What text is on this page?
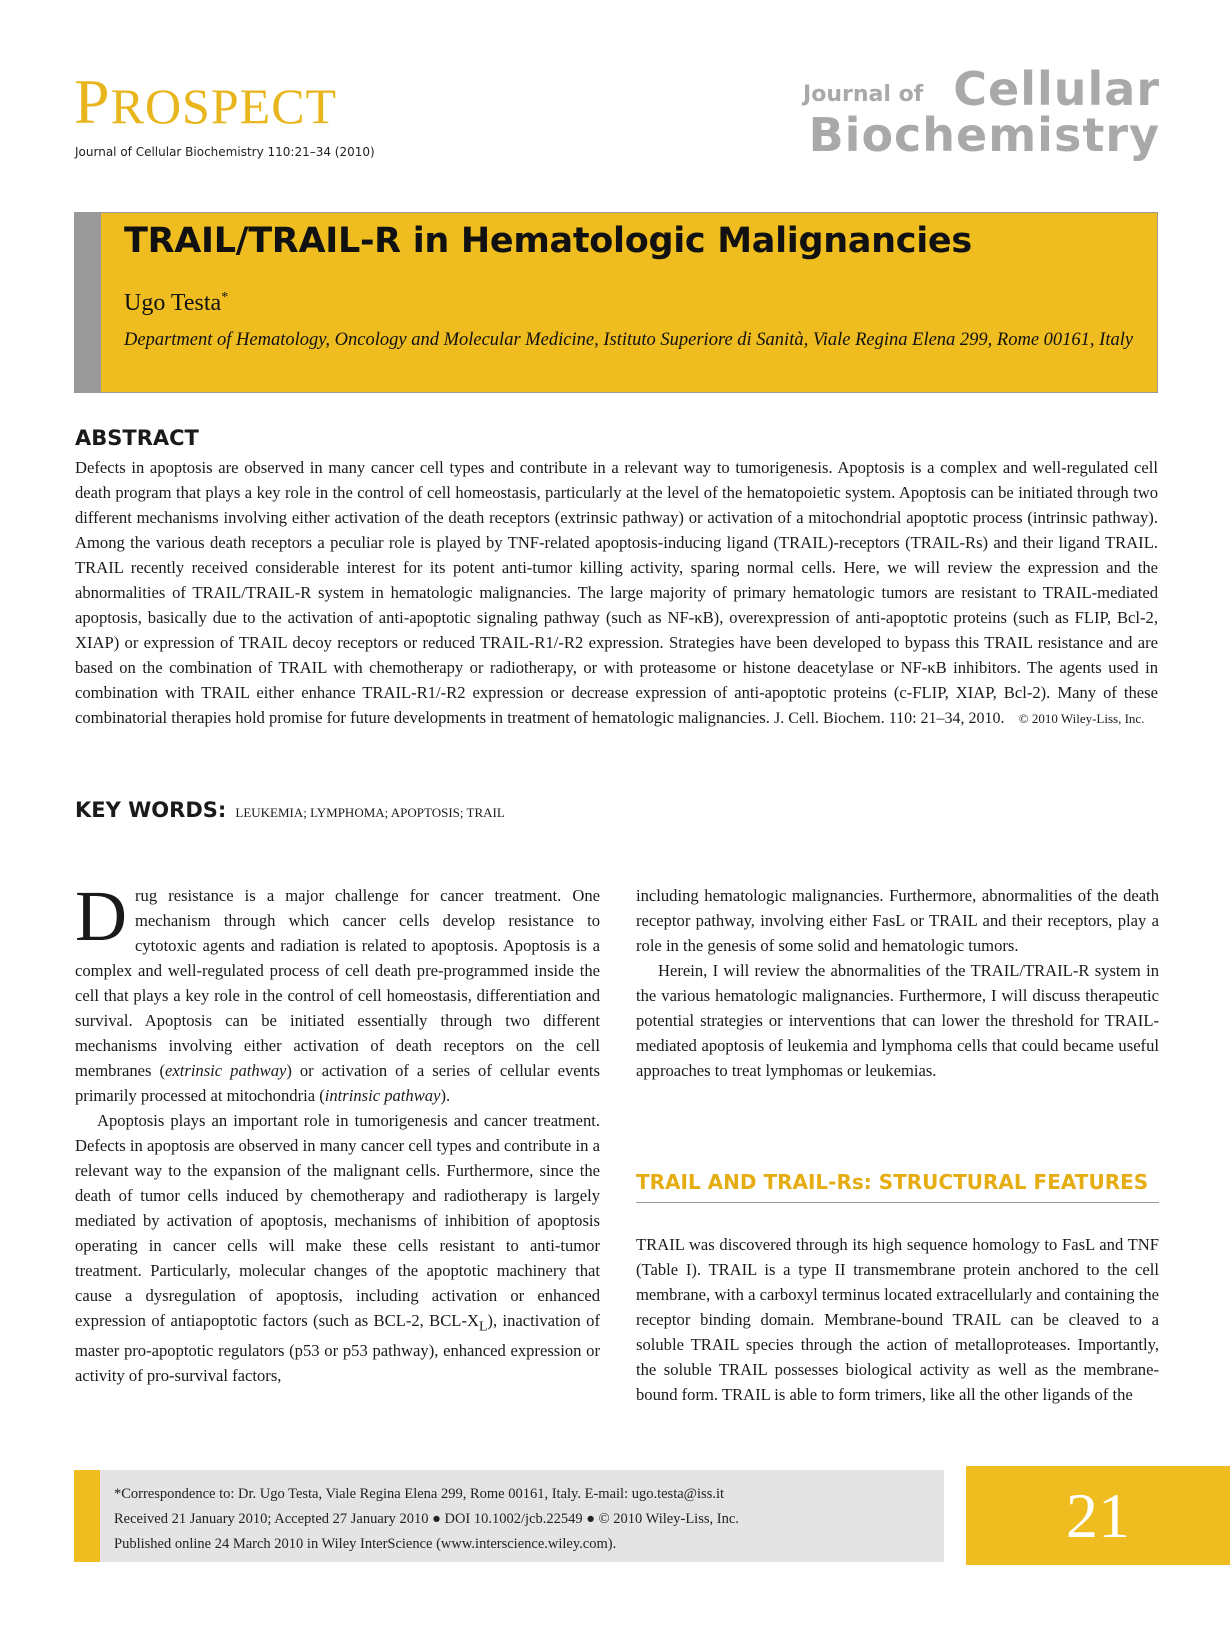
PROSPECT
Journal of Cellular Biochemistry 110:21–34 (2010)
Journal of Cellular
Biochemistry
TRAIL/TRAIL-R in Hematologic Malignancies
Ugo Testa*
Department of Hematology, Oncology and Molecular Medicine, Istituto Superiore di Sanità, Viale Regina Elena 299, Rome 00161, Italy
ABSTRACT
Defects in apoptosis are observed in many cancer cell types and contribute in a relevant way to tumorigenesis. Apoptosis is a complex and well-regulated cell death program that plays a key role in the control of cell homeostasis, particularly at the level of the hematopoietic system. Apoptosis can be initiated through two different mechanisms involving either activation of the death receptors (extrinsic pathway) or activation of a mitochondrial apoptotic process (intrinsic pathway). Among the various death receptors a peculiar role is played by TNF-related apoptosis-inducing ligand (TRAIL)-receptors (TRAIL-Rs) and their ligand TRAIL. TRAIL recently received considerable interest for its potent anti-tumor killing activity, sparing normal cells. Here, we will review the expression and the abnormalities of TRAIL/TRAIL-R system in hematologic malignancies. The large majority of primary hematologic tumors are resistant to TRAIL-mediated apoptosis, basically due to the activation of anti-apoptotic signaling pathway (such as NF-κB), overexpression of anti-apoptotic proteins (such as FLIP, Bcl-2, XIAP) or expression of TRAIL decoy receptors or reduced TRAIL-R1/-R2 expression. Strategies have been developed to bypass this TRAIL resistance and are based on the combination of TRAIL with chemotherapy or radiotherapy, or with proteasome or histone deacetylase or NF-κB inhibitors. The agents used in combination with TRAIL either enhance TRAIL-R1/-R2 expression or decrease expression of anti-apoptotic proteins (c-FLIP, XIAP, Bcl-2). Many of these combinatorial therapies hold promise for future developments in treatment of hematologic malignancies. J. Cell. Biochem. 110: 21–34, 2010. © 2010 Wiley-Liss, Inc.
KEY WORDS: LEUKEMIA; LYMPHOMA; APOPTOSIS; TRAIL

Drug resistance is a major challenge for cancer treatment. One mechanism through which cancer cells develop resistance to cytotoxic agents and radiation is related to apoptosis. Apoptosis is a complex and well-regulated process of cell death pre-programmed inside the cell that plays a key role in the control of cell homeostasis, differentiation and survival. Apoptosis can be initiated essentially through two different mechanisms involving either activation of death receptors on the cell membranes (extrinsic pathway) or activation of a series of cellular events primarily processed at mitochondria (intrinsic pathway).

Apoptosis plays an important role in tumorigenesis and cancer treatment. Defects in apoptosis are observed in many cancer cell types and contribute in a relevant way to the expansion of the malignant cells. Furthermore, since the death of tumor cells induced by chemotherapy and radiotherapy is largely mediated by activation of apoptosis, mechanisms of inhibition of apoptosis operating in cancer cells will make these cells resistant to anti-tumor treatment. Particularly, molecular changes of the apoptotic machinery that cause a dysregulation of apoptosis, including activation or enhanced expression of antiapoptotic factors (such as BCL-2, BCL-$X_L$), inactivation of master pro-apoptotic regulators (p53 or p53 pathway), enhanced expression or activity of pro-survival factors,

including hematologic malignancies. Furthermore, abnormalities of the death receptor pathway, involving either FasL or TRAIL and their receptors, play a role in the genesis of some solid and hematologic tumors.

Herein, I will review the abnormalities of the TRAIL/TRAIL-R system in the various hematologic malignancies. Furthermore, I will discuss therapeutic potential strategies or interventions that can lower the threshold for TRAIL-mediated apoptosis of leukemia and lymphoma cells that could became useful approaches to treat lymphomas or leukemias.

TRAIL AND TRAIL-Rs: STRUCTURAL FEATURES

TRAIL was discovered through its high sequence homology to FasL and TNF (Table I). TRAIL is a type II transmembrane protein anchored to the cell membrane, with a carboxyl terminus located extracellularly and containing the receptor binding domain. Membrane-bound TRAIL can be cleaved to a soluble TRAIL species through the action of metalloproteases. Importantly, the soluble TRAIL possesses biological activity as well as the membrane-bound form. TRAIL is able to form trimers, like all the other ligands of the

*Correspondence to: Dr. Ugo Testa, Viale Regina Elena 299, Rome 00161, Italy. E-mail: ugo.testa@iss.it
Received 21 January 2010; Accepted 27 January 2010 ● DOI 10.1002/jcb.22549 ● © 2010 Wiley-Liss, Inc.
Published online 24 March 2010 in Wiley InterScience (www.interscience.wiley.com).	21
